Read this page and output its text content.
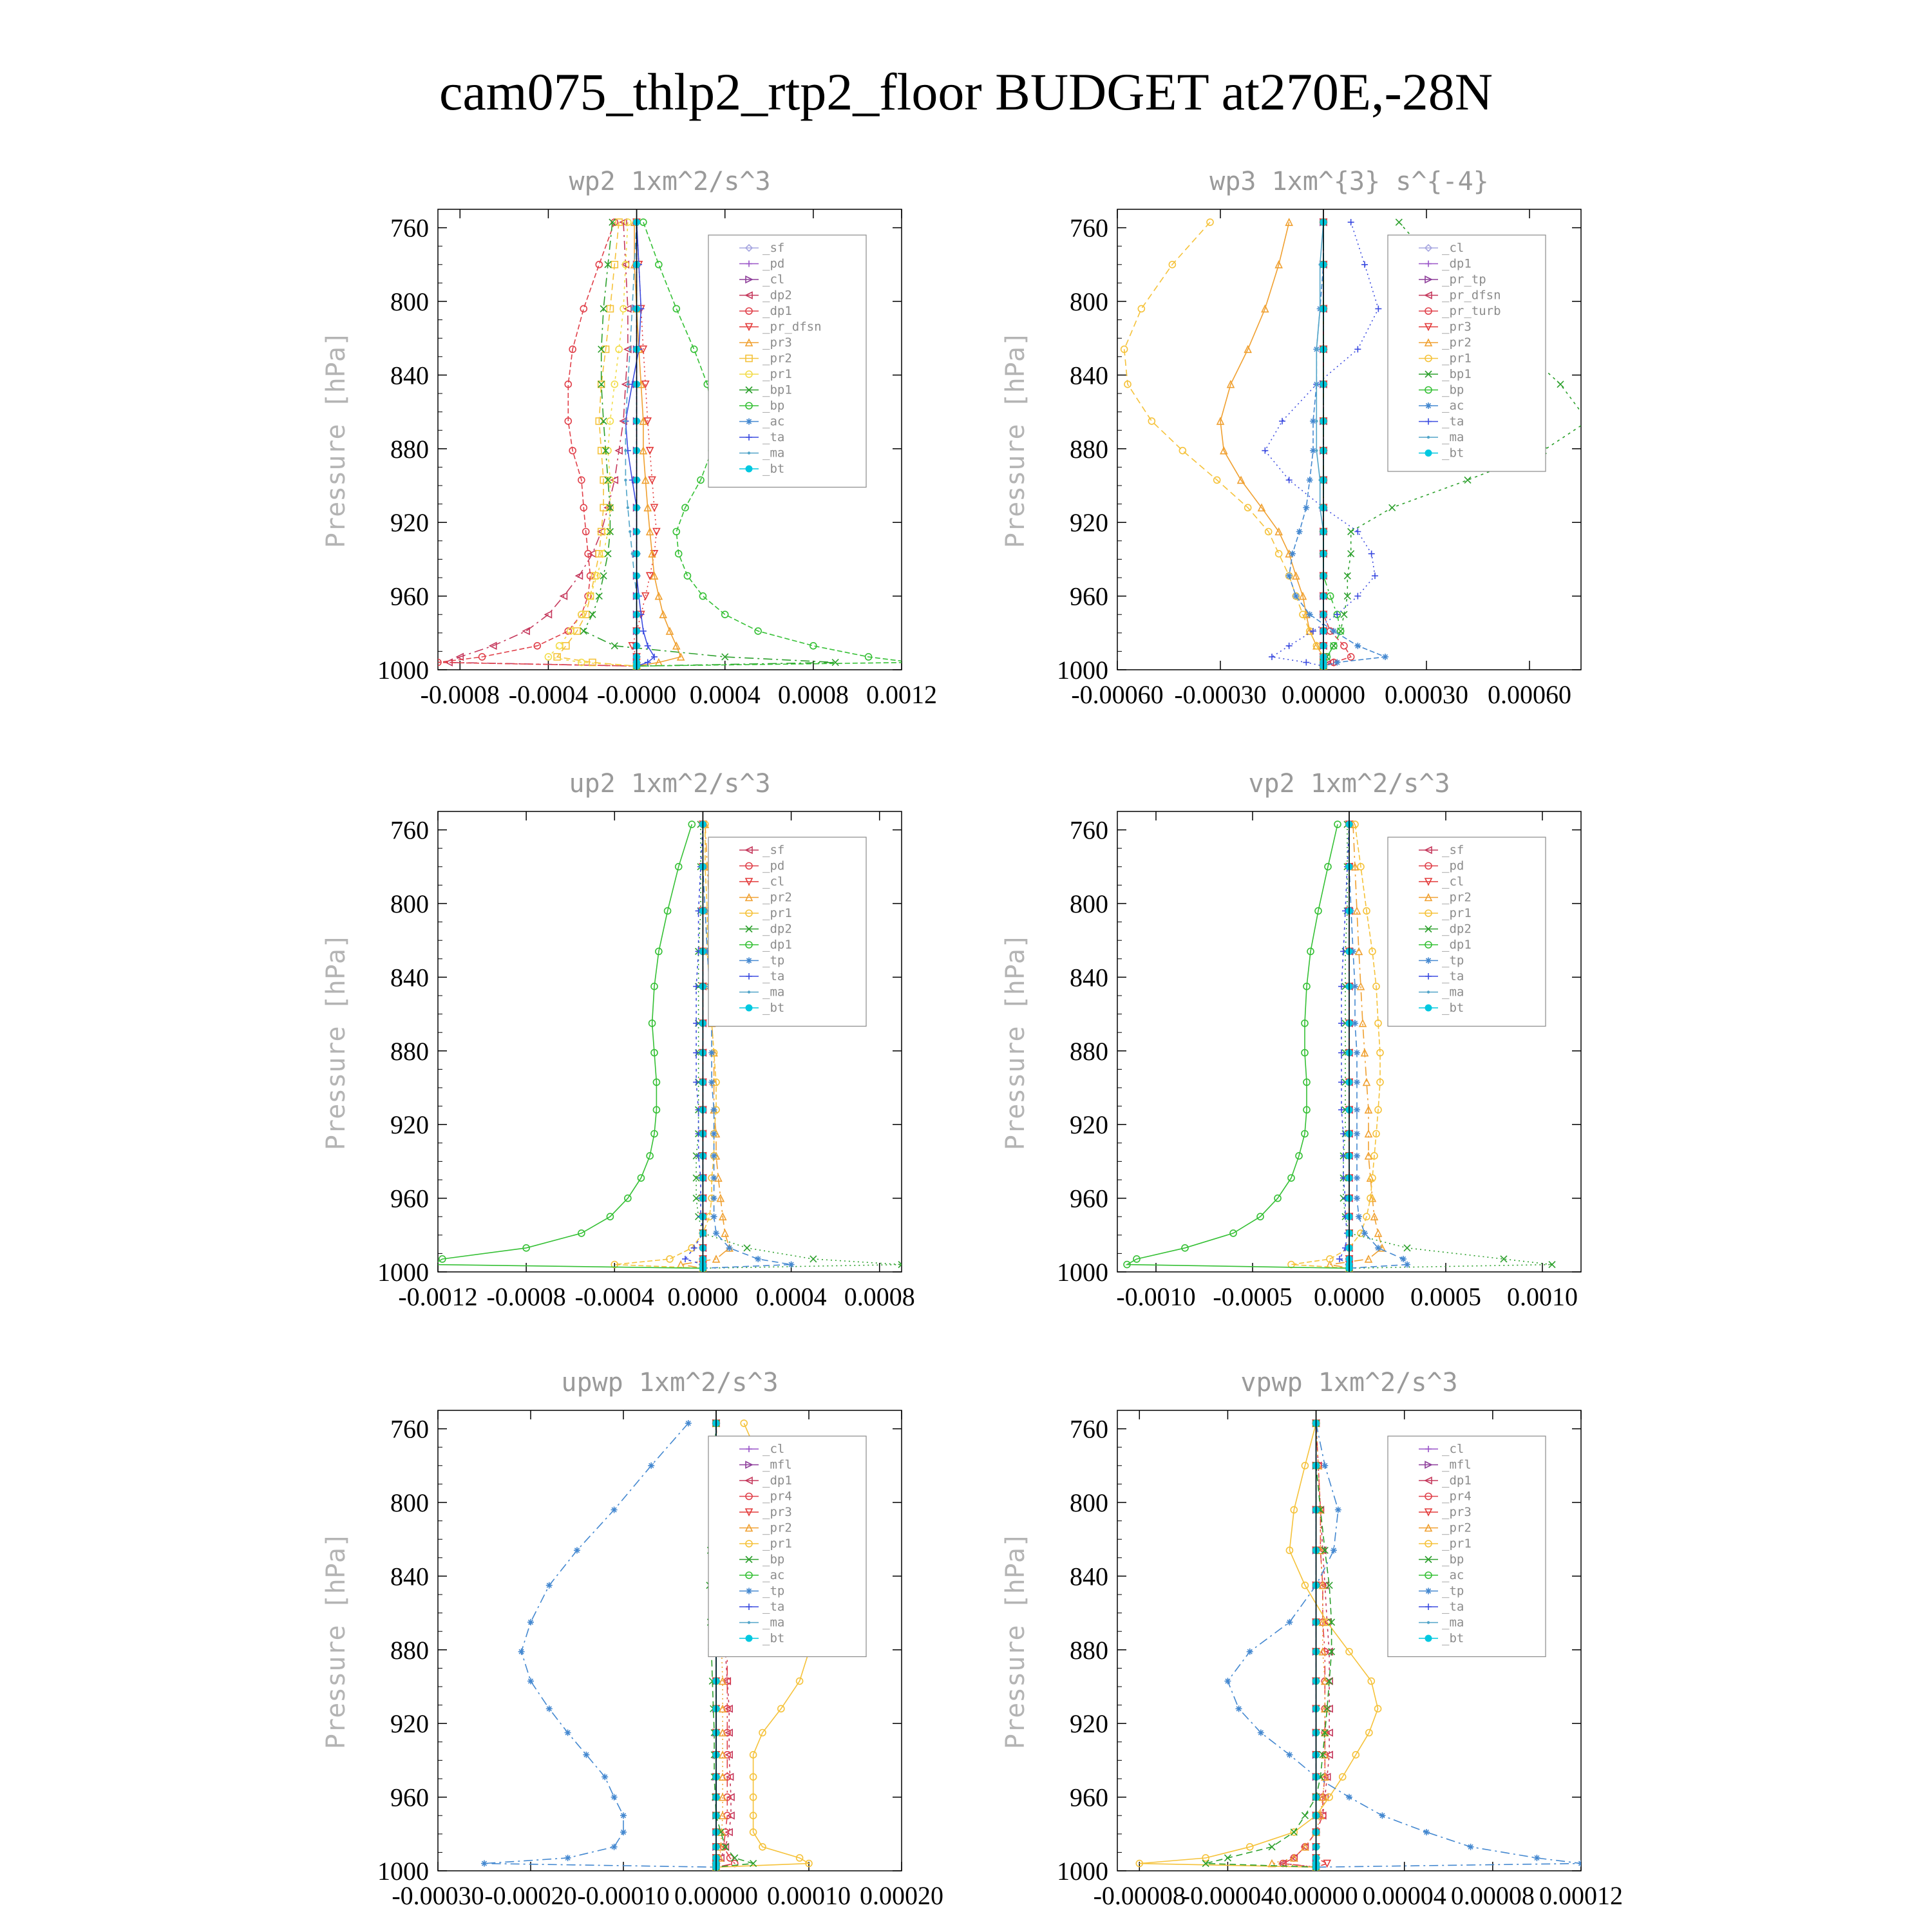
cam075_thlp2_rtp2_floor BUDGET at270E,-28N
wp2 1xm^2/s^3
760
800
840
880
920
960
1000
-0.0008 -0.0004 -0.0000 0.0004 0.0008 0.0012
Pressure [hPa]
_sf
_pd
_cl
_dp2
_dp1
_pr_dfsn
_pr3
_pr2
_pr1
_bp1
_bp
_ac
_ta
_ma
_bt
wp3 1xm^{3} s^{-4}
760
800
840
880
920
960
1000
-0.00060 -0.00030 0.00000 0.00030 0.00060
Pressure [hPa]
_cl
_dp1
_pr_tp
_pr_dfsn
_pr_turb
_pr3
_pr2
_pr1
_bp1
_bp
_ac
_ta
_ma
_bt
up2 1xm^2/s^3
760
800
840
880
920
960
1000
-0.0012 -0.0008 -0.0004 0.0000 0.0004 0.0008
Pressure [hPa]
_sf
_pd
_cl
_pr2
_pr1
_dp2
_dp1
_tp
_ta
_ma
_bt
vp2 1xm^2/s^3
760
800
840
880
920
960
1000
-0.0010 -0.0005 0.0000 0.0005 0.0010
Pressure [hPa]
_sf
_pd
_cl
_pr2
_pr1
_dp2
_dp1
_tp
_ta
_ma
_bt
upwp 1xm^2/s^3
760
800
840
880
920
960
1000
-0.00030 -0.00020 -0.00010 0.00000 0.00010 0.00020
Pressure [hPa]
_cl
_mfl
_dp1
_pr4
_pr3
_pr2
_pr1
_bp
_ac
_tp
_ta
_ma
_bt
vpwp 1xm^2/s^3
760
800
840
880
920
960
1000
-0.00008
-0.00004 0.00000 0.00004 0.00008 0.00012
Pressure [hPa]
_cl
_mfl
_dp1
_pr4
_pr3
_pr2
_pr1
_bp
_ac
_tp
_ta
_ma
_bt
